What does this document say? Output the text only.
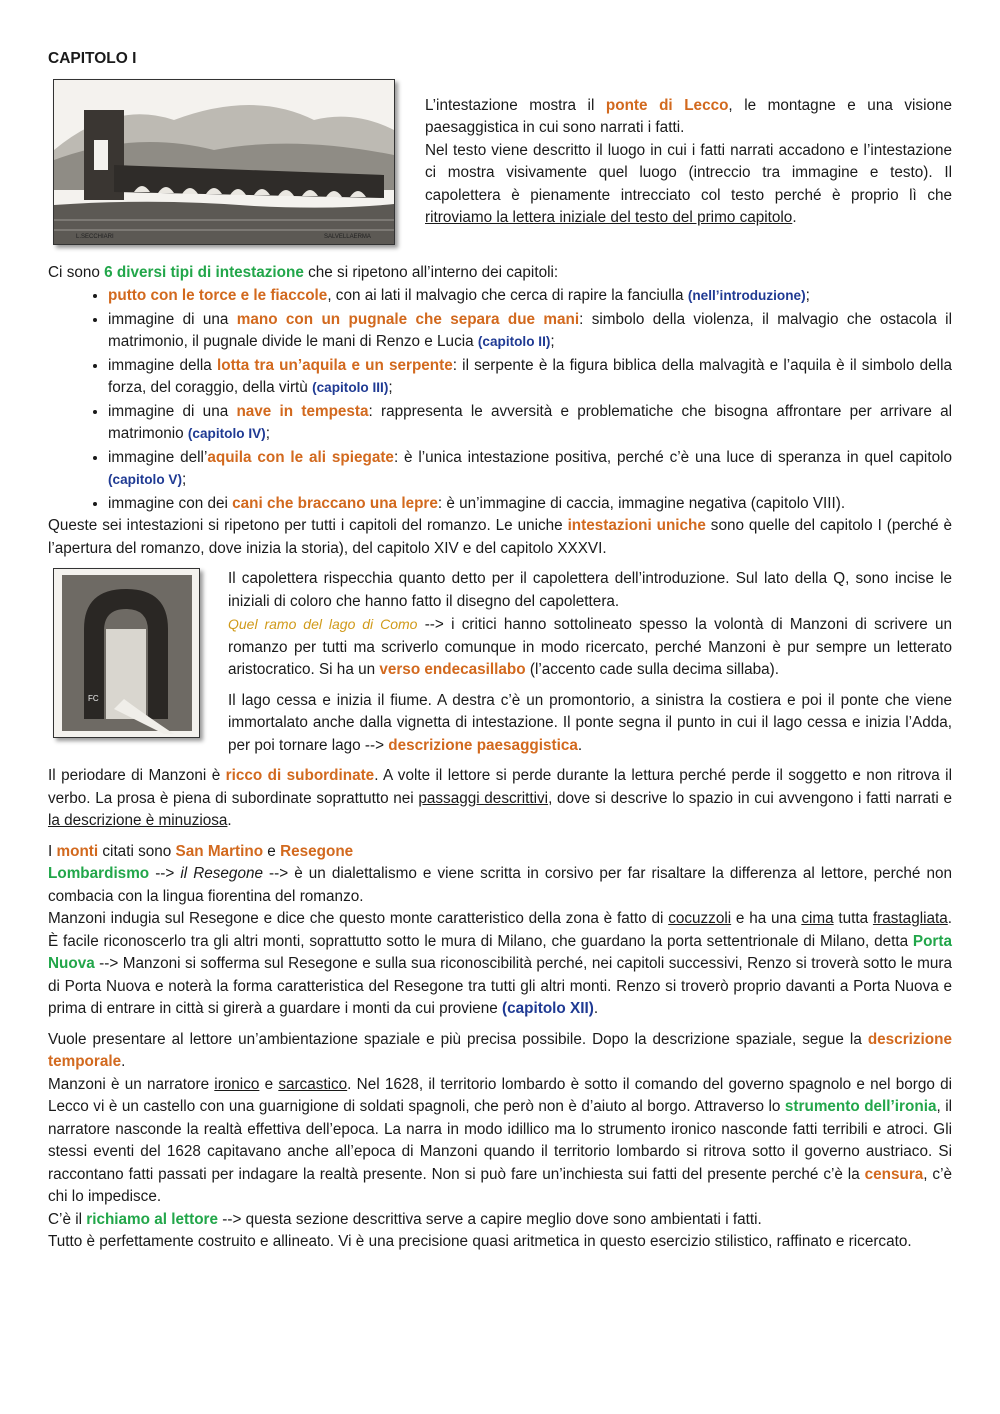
CAPITOLO I
L.SECCHIARI	SALVELLAERMA
L’intestazione mostra il ponte di Lecco, le montagne e una visione paesaggistica in cui sono narrati i fatti.
Nel testo viene descritto il luogo in cui i fatti narrati accadono e l’intestazione ci mostra visivamente quel luogo (intreccio tra immagine e testo). Il capolettera è pienamente intrecciato col testo perché è proprio lì che ritroviamo la lettera iniziale del testo del primo capitolo.
Ci sono 6 diversi tipi di intestazione che si ripetono all’interno dei capitoli:
• putto con le torce e le fiaccole, con ai lati il malvagio che cerca di rapire la fanciulla (nell’introduzione);
• immagine di una mano con un pugnale che separa due mani: simbolo della violenza, il malvagio che ostacola il matrimonio, il pugnale divide le mani di Renzo e Lucia (capitolo II);
• immagine della lotta tra un’aquila e un serpente: il serpente è la figura biblica della malvagità e l’aquila è il simbolo della forza, del coraggio, della virtù (capitolo III);
• immagine di una nave in tempesta: rappresenta le avversità e problematiche che bisogna affrontare per arrivare al matrimonio (capitolo IV);
• immagine dell’aquila con le ali spiegate: è l’unica intestazione positiva, perché c’è una luce di speranza in quel capitolo (capitolo V);
• immagine con dei cani che braccano una lepre: è un’immagine di caccia, immagine negativa (capitolo VIII).
Queste sei intestazioni si ripetono per tutti i capitoli del romanzo. Le uniche intestazioni uniche sono quelle del capitolo I (perché è l’apertura del romanzo, dove inizia la storia), del capitolo XIV e del capitolo XXXVI.
FC
Il capolettera rispecchia quanto detto per il capolettera dell’introduzione. Sul lato della Q, sono incise le iniziali di coloro che hanno fatto il disegno del capolettera.
Quel ramo del lago di Como --> i critici hanno sottolineato spesso la volontà di Manzoni di scrivere un romanzo per tutti ma scriverlo comunque in modo ricercato, perché Manzoni è pur sempre un letterato aristocratico. Si ha un verso endecasillabo (l’accento cade sulla decima sillaba).
Il lago cessa e inizia il fiume. A destra c’è un promontorio, a sinistra la costiera e poi il ponte che viene immortalato anche dalla vignetta di intestazione. Il ponte segna il punto in cui il lago cessa e inizia l’Adda, per poi tornare lago --> descrizione paesaggistica.
Il periodare di Manzoni è ricco di subordinate. A volte il lettore si perde durante la lettura perché perde il soggetto e non ritrova il verbo. La prosa è piena di subordinate soprattutto nei passaggi descrittivi, dove si descrive lo spazio in cui avvengono i fatti narrati e la descrizione è minuziosa.
I monti citati sono San Martino e Resegone
Lombardismo --> il Resegone --> è un dialettalismo e viene scritta in corsivo per far risaltare la differenza al lettore, perché non combacia con la lingua fiorentina del romanzo.
Manzoni indugia sul Resegone e dice che questo monte caratteristico della zona è fatto di cocuzzoli e ha una cima tutta frastagliata. È facile riconoscerlo tra gli altri monti, soprattutto sotto le mura di Milano, che guardano la porta settentrionale di Milano, detta Porta Nuova --> Manzoni si sofferma sul Resegone e sulla sua riconoscibilità perché, nei capitoli successivi, Renzo si troverà sotto le mura di Porta Nuova e noterà la forma caratteristica del Resegone tra tutti gli altri monti. Renzo si troverò proprio davanti a Porta Nuova e prima di entrare in città si girerà a guardare i monti da cui proviene (capitolo XII).
Vuole presentare al lettore un’ambientazione spaziale e più precisa possibile. Dopo la descrizione spaziale, segue la descrizione temporale.
Manzoni è un narratore ironico e sarcastico. Nel 1628, il territorio lombardo è sotto il comando del governo spagnolo e nel borgo di Lecco vi è un castello con una guarnigione di soldati spagnoli, che però non è d’aiuto al borgo. Attraverso lo strumento dell’ironia, il narratore nasconde la realtà effettiva dell’epoca. La narra in modo idillico ma lo strumento ironico nasconde fatti terribili e atroci. Gli stessi eventi del 1628 capitavano anche all’epoca di Manzoni quando il territorio lombardo si ritrova sotto il governo austriaco. Si raccontano fatti passati per indagare la realtà presente. Non si può fare un’inchiesta sui fatti del presente perché c’è la censura, c’è chi lo impedisce.
C’è il richiamo al lettore --> questa sezione descrittiva serve a capire meglio dove sono ambientati i fatti.
Tutto è perfettamente costruito e allineato. Vi è una precisione quasi aritmetica in questo esercizio stilistico, raffinato e ricercato.
